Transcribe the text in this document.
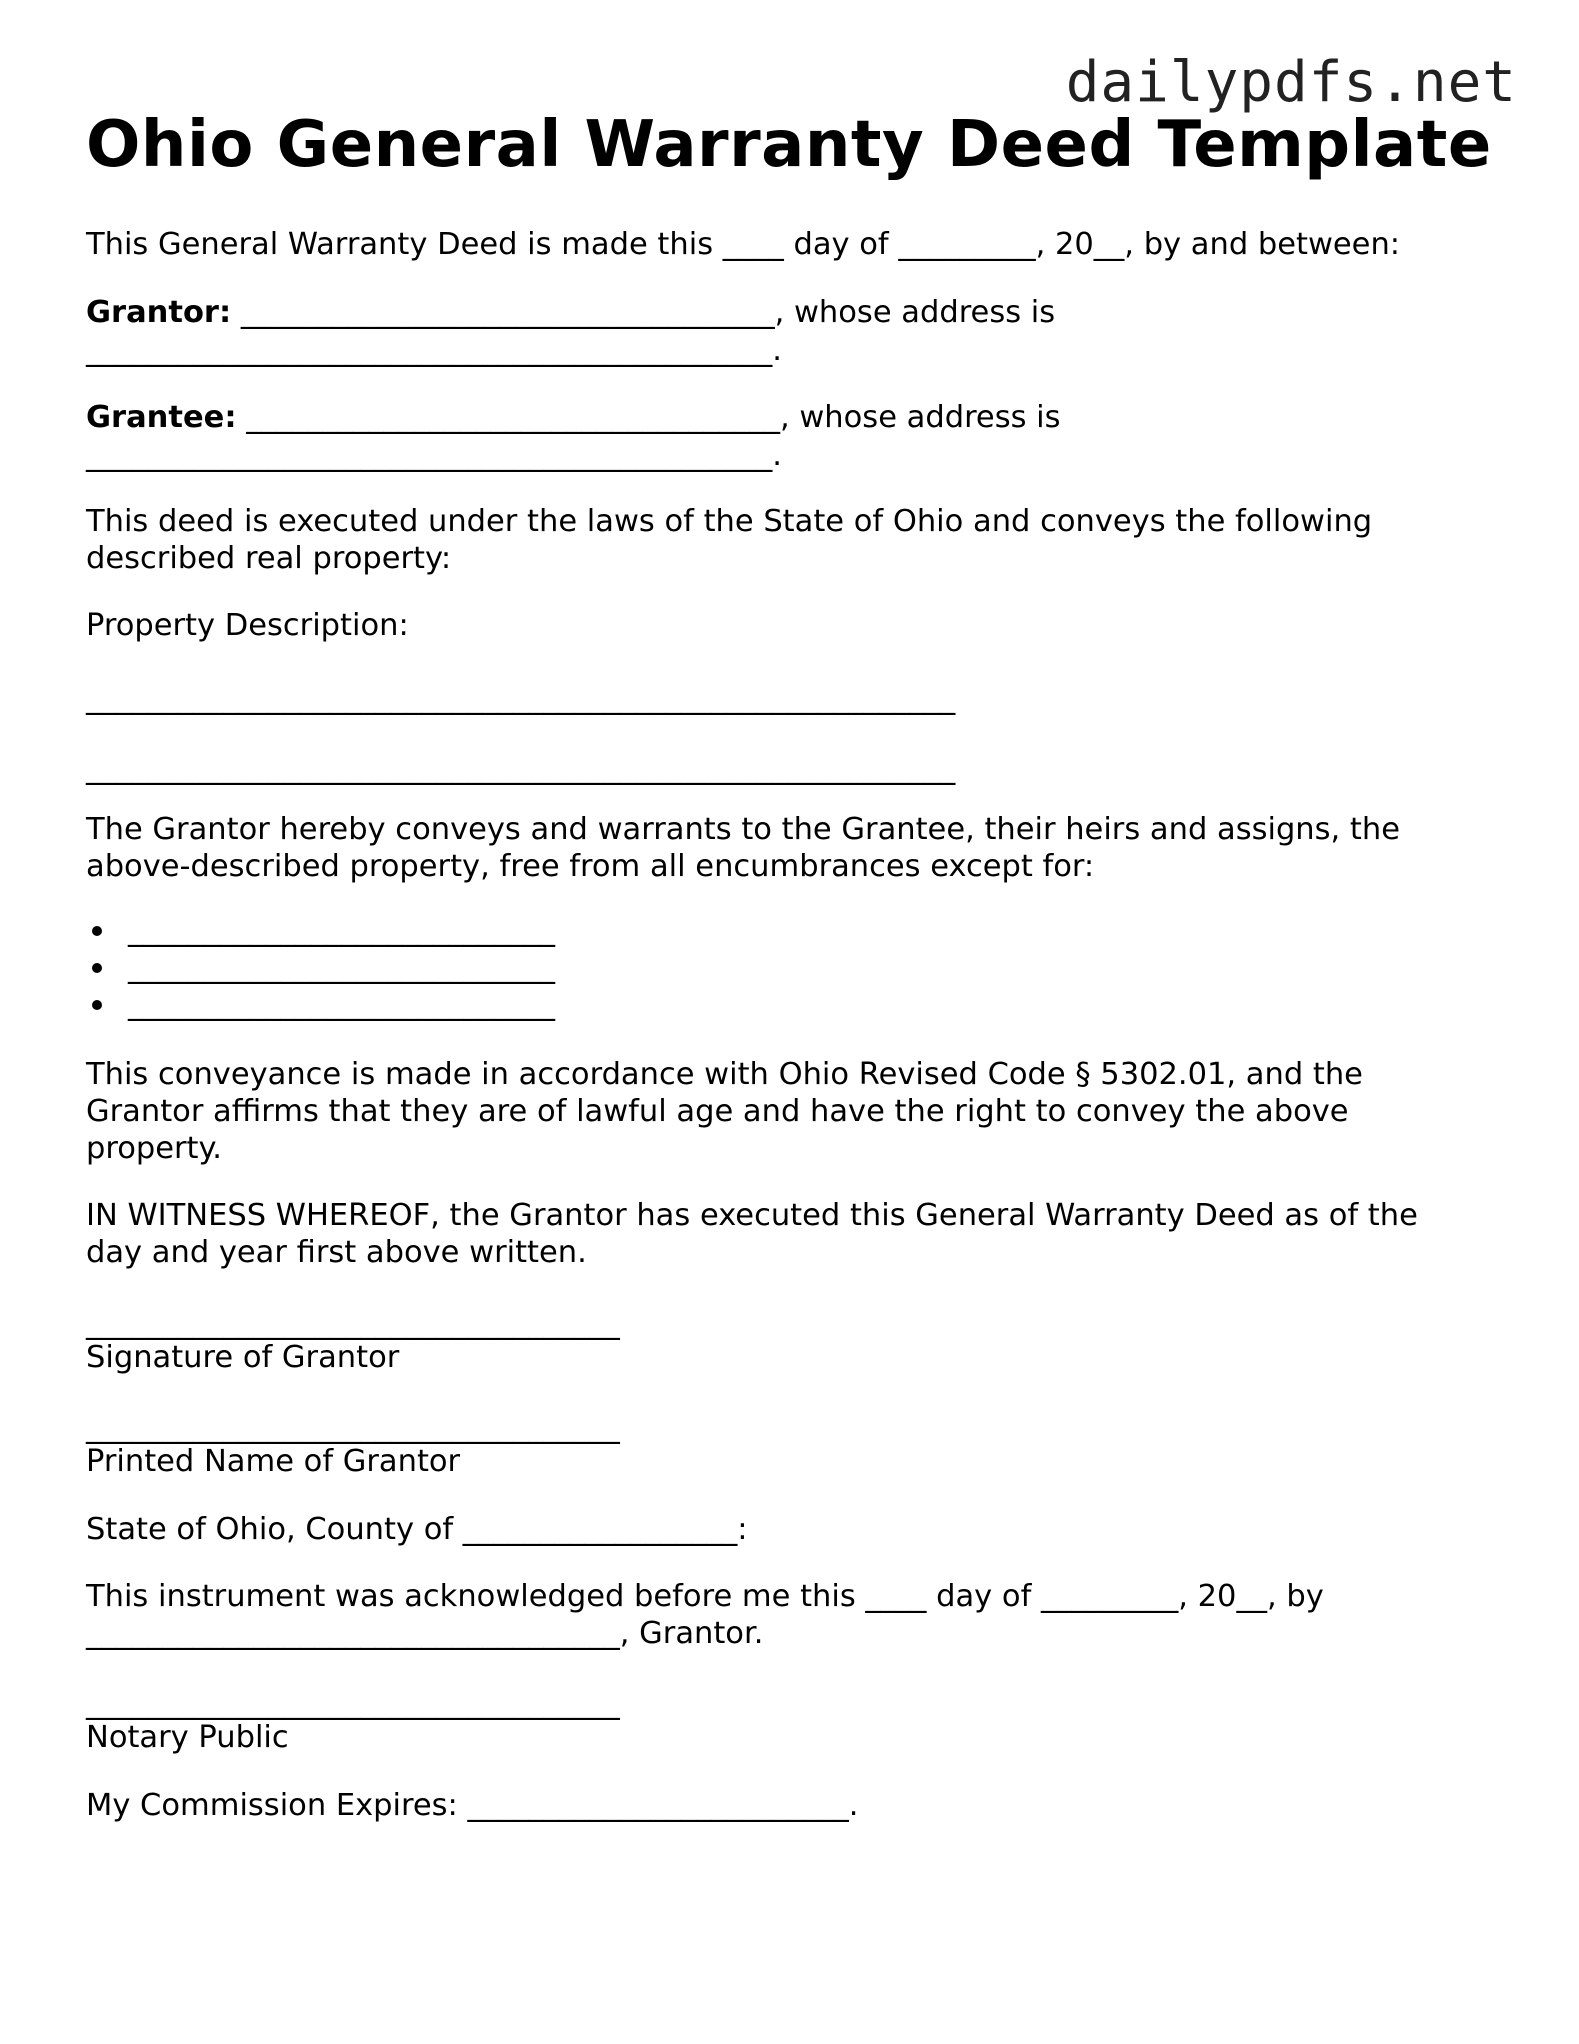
dailypdfs.net
Ohio General Warranty Deed Template
This General Warranty Deed is made this ____ day of _________, 20__, by and between:
Grantor: ___________________________________, whose address is
_____________________________________________.
Grantee: ___________________________________, whose address is
_____________________________________________.
This deed is executed under the laws of the State of Ohio and conveys the following
described real property:
Property Description:
_________________________________________________________
_________________________________________________________
The Grantor hereby conveys and warrants to the Grantee, their heirs and assigns, the
above-described property, free from all encumbrances except for:
____________________________
____________________________
____________________________
This conveyance is made in accordance with Ohio Revised Code § 5302.01, and the
Grantor affirms that they are of lawful age and have the right to convey the above
property.
IN WITNESS WHEREOF, the Grantor has executed this General Warranty Deed as of the
day and year first above written.
___________________________________
Signature of Grantor
___________________________________
Printed Name of Grantor
State of Ohio, County of __________________:
This instrument was acknowledged before me this ____ day of _________, 20__, by
___________________________________, Grantor.
___________________________________
Notary Public
My Commission Expires: _________________________.
